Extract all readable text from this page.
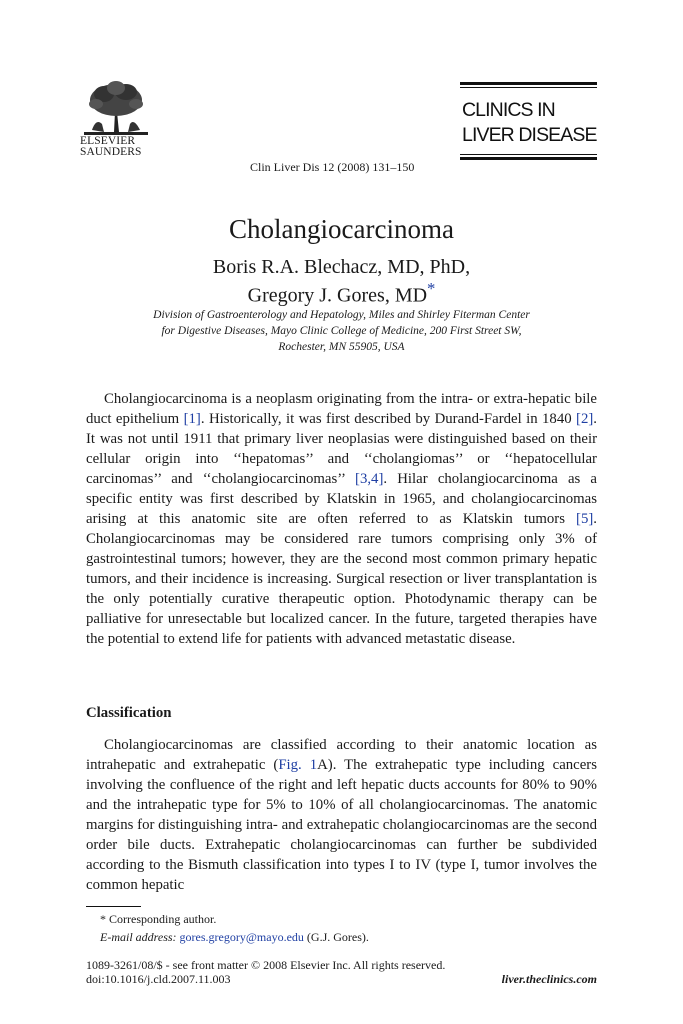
ELSEVIER
SAUNDERS
Clin Liver Dis 12 (2008) 131–150
CLINICS IN
LIVER DISEASE
Cholangiocarcinoma
Boris R.A. Blechacz, MD, PhD,
Gregory J. Gores, MD*
Division of Gastroenterology and Hepatology, Miles and Shirley Fiterman Center
for Digestive Diseases, Mayo Clinic College of Medicine, 200 First Street SW,
Rochester, MN 55905, USA

Cholangiocarcinoma is a neoplasm originating from the intra- or extra-hepatic bile duct epithelium [1]. Historically, it was first described by Durand-Fardel in 1840 [2]. It was not until 1911 that primary liver neoplasias were distinguished based on their cellular origin into ‘‘hepatomas’’ and ‘‘cholangiomas’’ or ‘‘hepatocellular carcinomas’’ and ‘‘cholangiocarcinomas’’ [3,4]. Hilar cholangiocarcinoma as a specific entity was first described by Klatskin in 1965, and cholangiocarcinomas arising at this anatomic site are often referred to as Klatskin tumors [5]. Cholangiocarcinomas may be considered rare tumors comprising only 3% of gastrointestinal tumors; however, they are the second most common primary hepatic tumors, and their incidence is increasing. Surgical resection or liver transplantation is the only potentially curative therapeutic option. Photodynamic therapy can be palliative for unresectable but localized cancer. In the future, targeted therapies have the potential to extend life for patients with advanced metastatic disease.

Classification

Cholangiocarcinomas are classified according to their anatomic location as intrahepatic and extrahepatic (Fig. 1A). The extrahepatic type including cancers involving the confluence of the right and left hepatic ducts accounts for 80% to 90% and the intrahepatic type for 5% to 10% of all cholangiocarcinomas. The anatomic margins for distinguishing intra- and extrahepatic cholangiocarcinomas are the second order bile ducts. Extrahepatic cholangiocarcinomas can further be subdivided according to the Bismuth classification into types I to IV (type I, tumor involves the common hepatic

* Corresponding author.
E-mail address: gores.gregory@mayo.edu (G.J. Gores).
1089-3261/08/$ - see front matter © 2008 Elsevier Inc. All rights reserved.
doi:10.1016/j.cld.2007.11.003	liver.theclinics.com
